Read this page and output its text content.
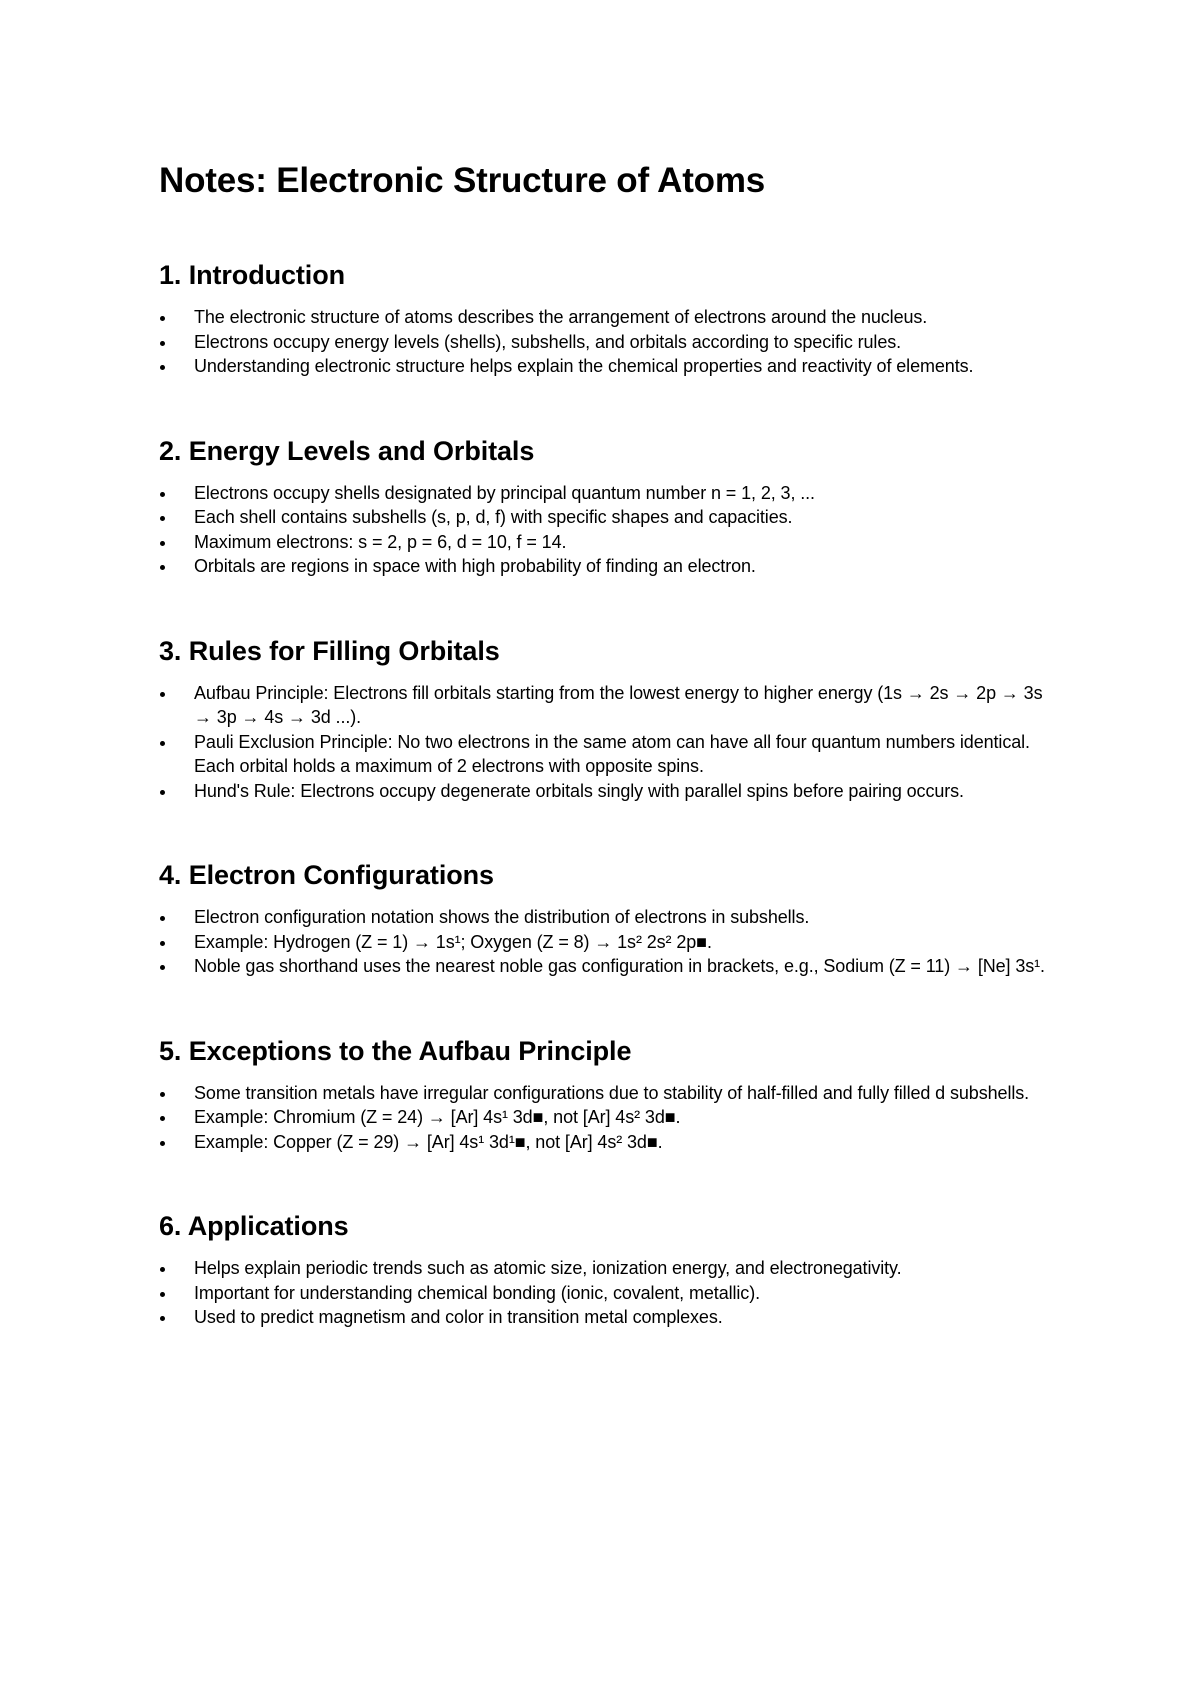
Notes: Electronic Structure of Atoms
1. Introduction
The electronic structure of atoms describes the arrangement of electrons around the nucleus.
Electrons occupy energy levels (shells), subshells, and orbitals according to specific rules.
Understanding electronic structure helps explain the chemical properties and reactivity of elements.
2. Energy Levels and Orbitals
Electrons occupy shells designated by principal quantum number n = 1, 2, 3, ...
Each shell contains subshells (s, p, d, f) with specific shapes and capacities.
Maximum electrons: s = 2, p = 6, d = 10, f = 14.
Orbitals are regions in space with high probability of finding an electron.
3. Rules for Filling Orbitals
Aufbau Principle: Electrons fill orbitals starting from the lowest energy to higher energy (1s → 2s → 2p → 3s → 3p → 4s → 3d ...).
Pauli Exclusion Principle: No two electrons in the same atom can have all four quantum numbers identical. Each orbital holds a maximum of 2 electrons with opposite spins.
Hund's Rule: Electrons occupy degenerate orbitals singly with parallel spins before pairing occurs.
4. Electron Configurations
Electron configuration notation shows the distribution of electrons in subshells.
Example: Hydrogen (Z = 1) → 1s¹; Oxygen (Z = 8) → 1s² 2s² 2p■.
Noble gas shorthand uses the nearest noble gas configuration in brackets, e.g., Sodium (Z = 11) → [Ne] 3s¹.
5. Exceptions to the Aufbau Principle
Some transition metals have irregular configurations due to stability of half-filled and fully filled d subshells.
Example: Chromium (Z = 24) → [Ar] 4s¹ 3d■, not [Ar] 4s² 3d■.
Example: Copper (Z = 29) → [Ar] 4s¹ 3d¹■, not [Ar] 4s² 3d■.
6. Applications
Helps explain periodic trends such as atomic size, ionization energy, and electronegativity.
Important for understanding chemical bonding (ionic, covalent, metallic).
Used to predict magnetism and color in transition metal complexes.
